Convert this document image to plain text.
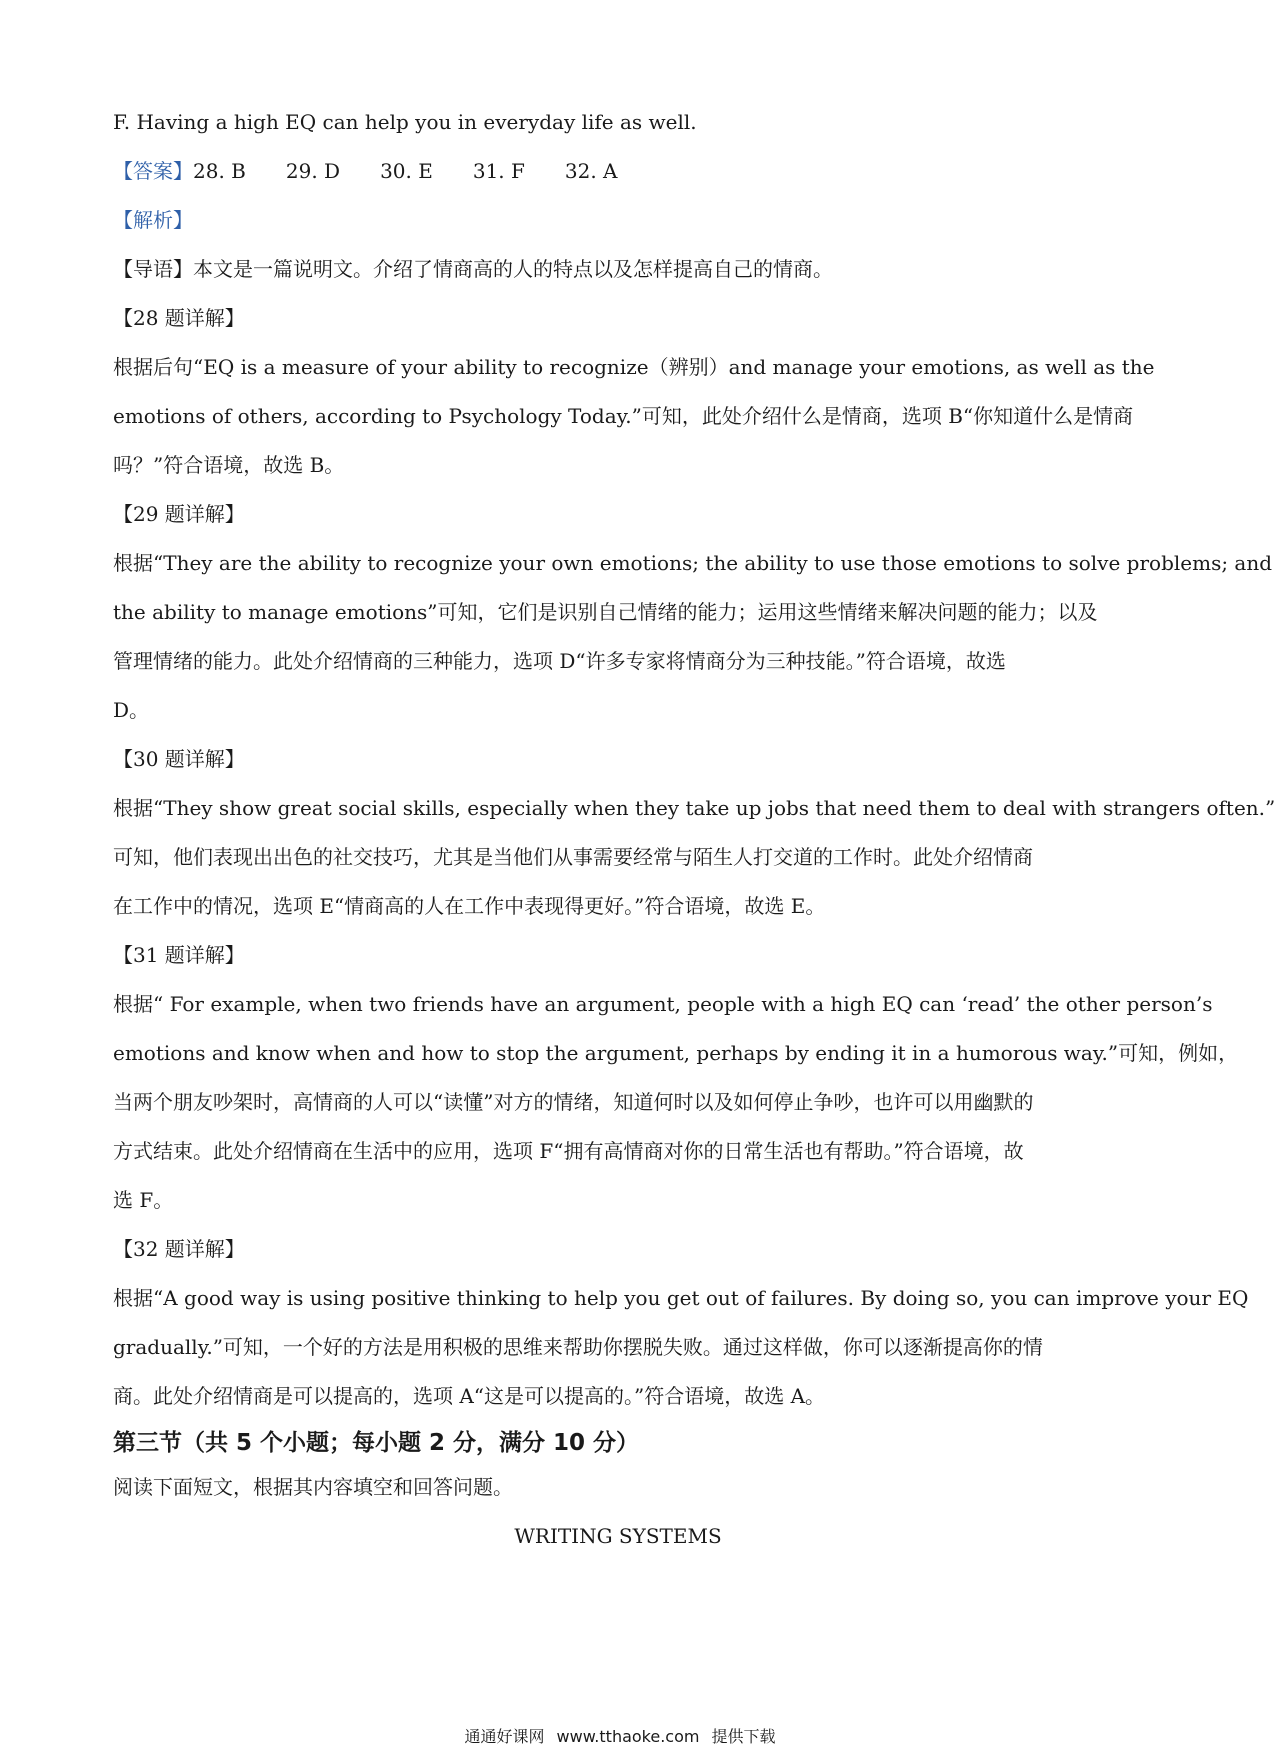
F. Having a high EQ can help you in everyday life as well.
【答案】28. B 29. D 30. E 31. F 32. A
【解析】
【导语】本文是一篇说明文。介绍了情商高的人的特点以及怎样提高自己的情商。
【28 题详解】
根据后句“EQ is a measure of your ability to recognize（辨别）and manage your emotions, as well as the
emotions of others, according to Psychology Today.”可知，此处介绍什么是情商，选项 B“你知道什么是情商
吗？”符合语境，故选 B。
【29 题详解】
根据“They are the ability to recognize your own emotions; the ability to use those emotions to solve problems; and
the ability to manage emotions”可知，它们是识别自己情绪的能力；运用这些情绪来解决问题的能力；以及
管理情绪的能力。此处介绍情商的三种能力，选项 D“许多专家将情商分为三种技能。”符合语境，故选
D。
【30 题详解】
根据“They show great social skills, especially when they take up jobs that need them to deal with strangers often.”
可知，他们表现出出色的社交技巧，尤其是当他们从事需要经常与陌生人打交道的工作时。此处介绍情商
在工作中的情况，选项 E“情商高的人在工作中表现得更好。”符合语境，故选 E。
【31 题详解】
根据“ For example, when two friends have an argument, people with a high EQ can ‘read’ the other person’s
emotions and know when and how to stop the argument, perhaps by ending it in a humorous way.”可知，例如，
当两个朋友吵架时，高情商的人可以“读懂”对方的情绪，知道何时以及如何停止争吵，也许可以用幽默的
方式结束。此处介绍情商在生活中的应用，选项 F“拥有高情商对你的日常生活也有帮助。”符合语境，故
选 F。
【32 题详解】
根据“A good way is using positive thinking to help you get out of failures. By doing so, you can improve your EQ
gradually.”可知，一个好的方法是用积极的思维来帮助你摆脱失败。通过这样做，你可以逐渐提高你的情
商。此处介绍情商是可以提高的，选项 A“这是可以提高的。”符合语境，故选 A。
第三节（共 5 个小题；每小题 2 分，满分 10 分）
阅读下面短文，根据其内容填空和回答问题。
WRITING SYSTEMS
通通好课网 www.tthaoke.com 提供下载
